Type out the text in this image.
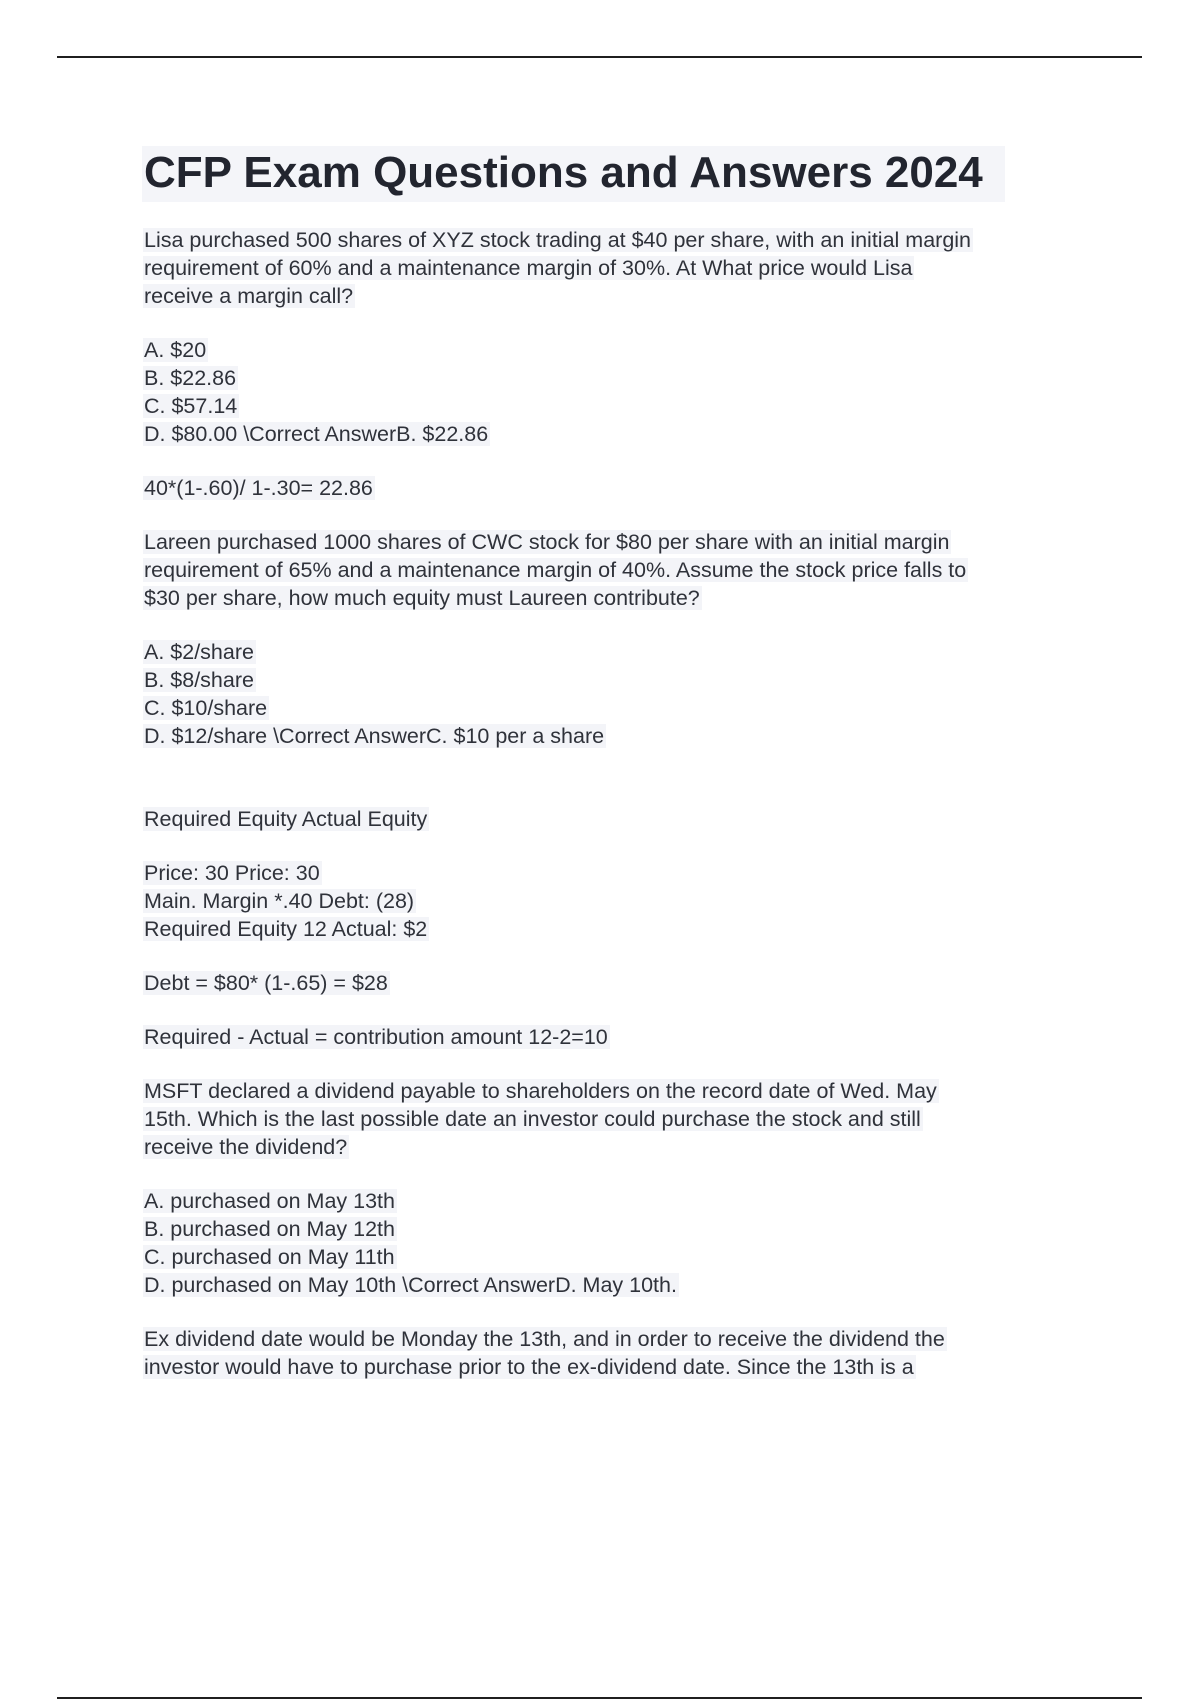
CFP Exam Questions and Answers 2024
Lisa purchased 500 shares of XYZ stock trading at $40 per share, with an initial margin
requirement of 60% and a maintenance margin of 30%. At What price would Lisa
receive a margin call?
A. $20
B. $22.86
C. $57.14
D. $80.00 \Correct AnswerB. $22.86
40*(1-.60)/ 1-.30= 22.86
Lareen purchased 1000 shares of CWC stock for $80 per share with an initial margin
requirement of 65% and a maintenance margin of 40%. Assume the stock price falls to
$30 per share, how much equity must Laureen contribute?
A. $2/share
B. $8/share
C. $10/share
D. $12/share \Correct AnswerC. $10 per a share
Required Equity Actual Equity
Price: 30 Price: 30
Main. Margin *.40 Debt: (28)
Required Equity 12 Actual: $2
Debt = $80* (1-.65) = $28
Required - Actual = contribution amount 12-2=10
MSFT declared a dividend payable to shareholders on the record date of Wed. May
15th. Which is the last possible date an investor could purchase the stock and still
receive the dividend?
A. purchased on May 13th
B. purchased on May 12th
C. purchased on May 11th
D. purchased on May 10th \Correct AnswerD. May 10th.
Ex dividend date would be Monday the 13th, and in order to receive the dividend the
investor would have to purchase prior to the ex-dividend date. Since the 13th is a
